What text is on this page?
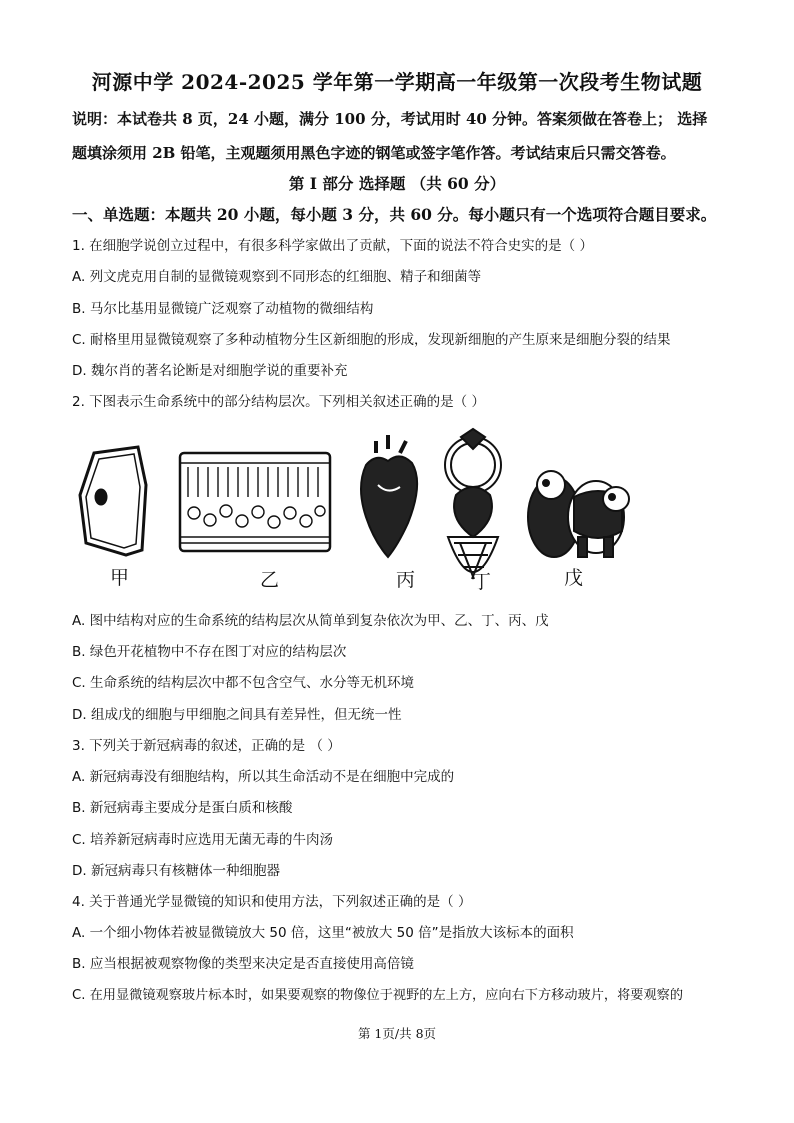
河源中学 2024-2025 学年第一学期高一年级第一次段考生物试题
说明：本试卷共 8 页，24 小题，满分 100 分，考试用时 40 分钟。答案须做在答卷上； 选择
题填涂须用 2B 铅笔，主观题须用黑色字迹的钢笔或签字笔作答。考试结束后只需交答卷。
第 I 部分 选择题 （共 60 分）
一、单选题：本题共 20 小题，每小题 3 分，共 60 分。每小题只有一个选项符合题目要求。
1. 在细胞学说创立过程中，有很多科学家做出了贡献，下面的说法不符合史实的是（ ）
A. 列文虎克用自制的显微镜观察到不同形态的红细胞、精子和细菌等
B. 马尔比基用显微镜广泛观察了动植物的微细结构
C. 耐格里用显微镜观察了多种动植物分生区新细胞的形成，发现新细胞的产生原来是细胞分裂的结果
D. 魏尔肖的著名论断是对细胞学说的重要补充
2. 下图表示生命系统中的部分结构层次。下列相关叙述正确的是（ ）
甲	乙	丙	丁	戊
A. 图中结构对应的生命系统的结构层次从简单到复杂依次为甲、乙、丁、丙、戊
B. 绿色开花植物中不存在图丁对应的结构层次
C. 生命系统的结构层次中都不包含空气、水分等无机环境
D. 组成戊的细胞与甲细胞之间具有差异性，但无统一性
3. 下列关于新冠病毒的叙述，正确的是 （ ）
A. 新冠病毒没有细胞结构，所以其生命活动不是在细胞中完成的
B. 新冠病毒主要成分是蛋白质和核酸
C. 培养新冠病毒时应选用无菌无毒的牛肉汤
D. 新冠病毒只有核糖体一种细胞器
4. 关于普通光学显微镜的知识和使用方法，下列叙述正确的是（ ）
A. 一个细小物体若被显微镜放大 50 倍，这里“被放大 50 倍”是指放大该标本的面积
B. 应当根据被观察物像的类型来决定是否直接使用高倍镜
C. 在用显微镜观察玻片标本时，如果要观察的物像位于视野的左上方，应向右下方移动玻片，将要观察的
第 1页/共 8页
